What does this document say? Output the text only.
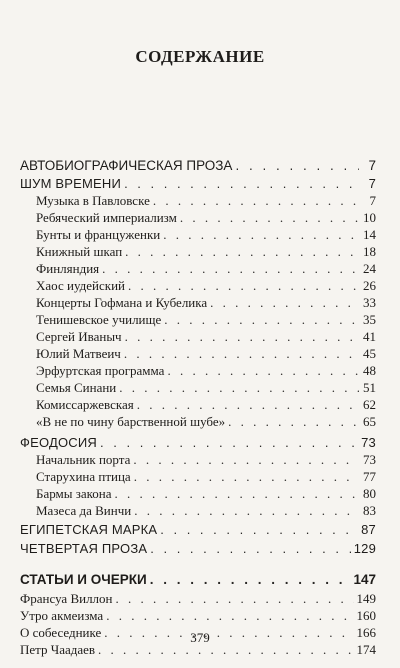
СОДЕРЖАНИЕ
АВТОБИОГРАФИЧЕСКАЯ ПРОЗА . . .	7
ШУМ ВРЕМЕНИ . . .	7
Музыка в Павловске . . .	7
Ребяческий империализм . . .	10
Бунты и француженки . . .	14
Книжный шкап . . .	18
Финляндия . . .	24
Хаос иудейский . . .	26
Концерты Гофмана и Кубелика . . .	33
Тенишевское училище . . .	35
Сергей Иваныч . . .	41
Юлий Матвеич . . .	45
Эрфуртская программа . . .	48
Семья Синани . . .	51
Комиссаржевская . . .	62
«В не по чину барственной шубе» . . .	65
ФЕОДОСИЯ . . .	73
Начальник порта . . .	73
Старухина птица . . .	77
Бармы закона . . .	80
Мазеса да Винчи . . .	83
ЕГИПЕТСКАЯ МАРКА . . .	87
ЧЕТВЕРТАЯ ПРОЗА . . .	129
СТАТЬИ И ОЧЕРКИ . . .	147
Франсуа Виллон . . .	149
Утро акмеизма . . .	160
О собеседнике . . .	166
Петр Чаадаев . . .	174
379
